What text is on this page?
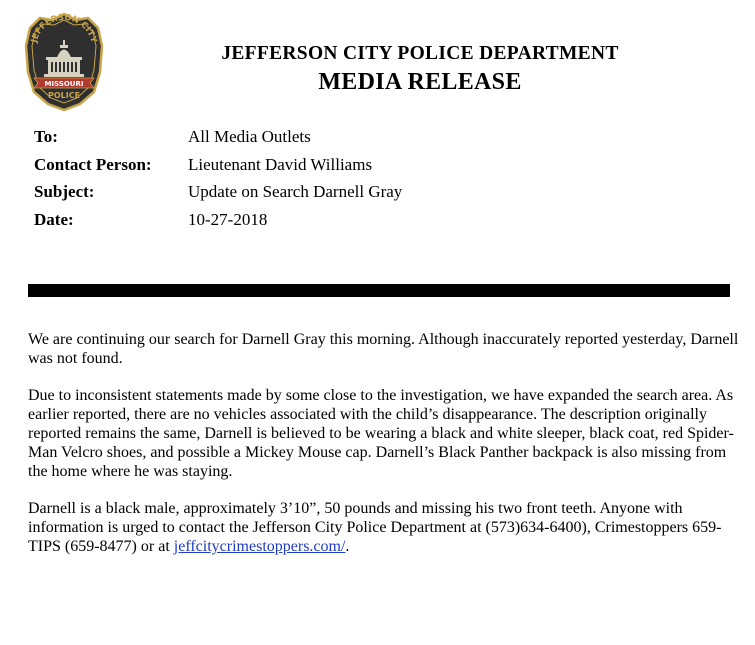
JEFFERSON CITY
MISSOURI
POLICE
JEFFERSON CITY POLICE DEPARTMENT
MEDIA RELEASE
To:	All Media Outlets
Contact Person: Lieutenant David Williams
Subject:	Update on Search Darnell Gray
Date:	10-27-2018

We are continuing our search for Darnell Gray this morning. Although inaccurately reported yesterday, Darnell was not found.

Due to inconsistent statements made by some close to the investigation, we have expanded the search area. As earlier reported, there are no vehicles associated with the child’s disappearance. The description originally reported remains the same, Darnell is believed to be wearing a black and white sleeper, black coat, red Spider-Man Velcro shoes, and possible a Mickey Mouse cap. Darnell’s Black Panther backpack is also missing from the home where he was staying.

Darnell is a black male, approximately 3’10”, 50 pounds and missing his two front teeth. Anyone with information is urged to contact the Jefferson City Police Department at (573)634-6400), Crimestoppers 659-TIPS (659-8477) or at jeffcitycrimestoppers.com/.
